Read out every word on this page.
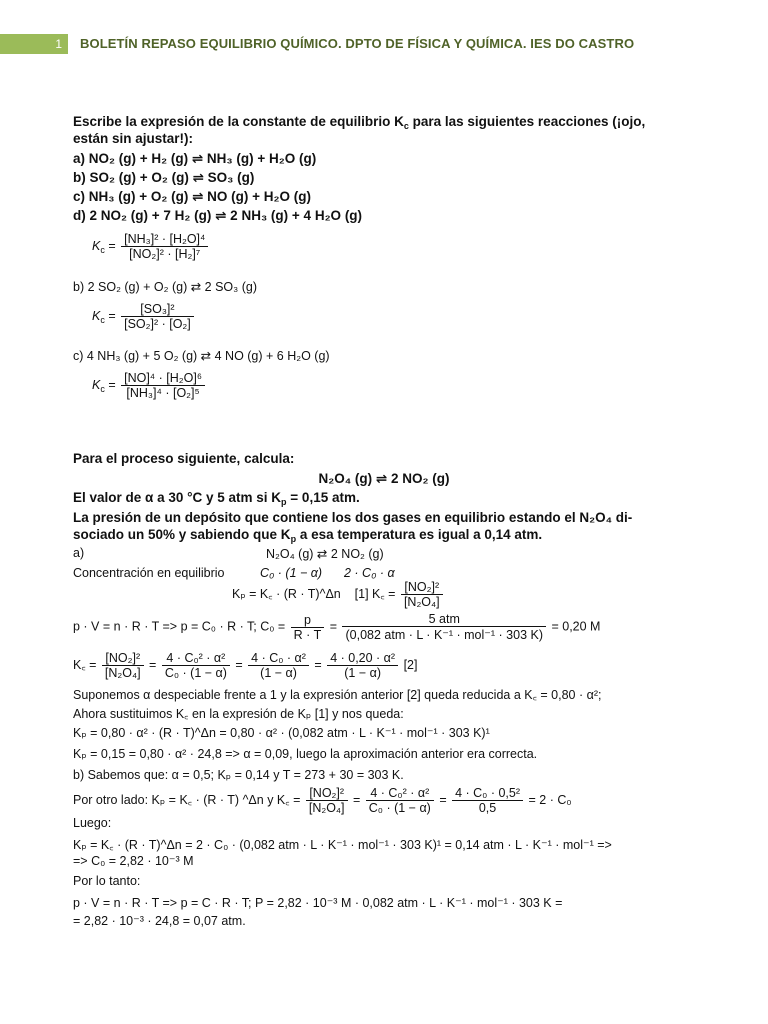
1	BOLETÍN REPASO EQUILIBRIO QUÍMICO. DPTO DE FÍSICA Y QUÍMICA. IES DO CASTRO
Escribe la expresión de la constante de equilibrio $K_c$ para las siguientes reacciones (¡ojo,
están sin ajustar!):
a) NO₂ (g) + H₂ (g) ⇌ NH₃ (g) + H₂O (g)
b) SO₂ (g) + O₂ (g) ⇌ SO₃ (g)
c) NH₃ (g) + O₂ (g) ⇌ NO (g) + H₂O (g)
d) 2 NO₂ (g) + 7 H₂ (g) ⇌ 2 NH₃ (g) + 4 H₂O (g)
$K_c = \frac{\text{[NH₃]² · [H₂O]⁴}}{\text{[NO₂]² · [H₂]⁷}}$
b) 2 SO₂ (g) + O₂ (g) ⇄ 2 SO₃ (g)
$K_c = \frac{\text{[SO₃]²}}{\text{[SO₂]² · [O₂]}}$
c) 4 NH₃ (g) + 5 O₂ (g) ⇄ 4 NO (g) + 6 H₂O (g)
$K_c = \frac{\text{[NO]⁴ · [H₂O]⁶}}{\text{[NH₃]⁴ · [O₂]⁵}}$
Para el proceso siguiente, calcula:
N₂O₄ (g) ⇌ 2 NO₂ (g)
El valor de α a 30 °C y 5 atm si $K_p = 0,15$ atm.
La presión de un depósito que contiene los dos gases en equilibrio estando el N₂O₄ di-
sociado un 50% y sabiendo que $K_p$ a esa temperatura es igual a 0,14 atm.
a)	N₂O₄ (g) ⇄ 2 NO₂ (g)
Concentración en equilibrio	C₀ · (1 − α) 2 · C₀ · α
Kₚ = K꜀ · (R · T)^Δn [1] K꜀ = $\frac{\text{[NO₂]²}}{\text{[N₂O₄]}}$
p · V = n · R · T => p = C₀ · R · T; $C_0 = \frac{p}{R \cdot T} = \frac{\text{5 atm}}{\text{(0,082 atm · L · K⁻¹ · mol⁻¹ · 303 K)}} = 0,20$ M
K꜀ = $\frac{\text{[NO₂]²}}{\text{[N₂O₄]}} = \frac{\text{4 · C₀² · α²}}{\text{C₀ · (1 − α)}} = \frac{\text{4 · C₀ · α²}}{(1 - \alpha)} = \frac{\text{4 · 0,20 · α²}}{(1 - \alpha)} [2]$
Suponemos α despeciable frente a 1 y la expresión anterior [2] queda reducida a K꜀ = 0,80 · α²;
Ahora sustituimos K꜀ en la expresión de Kₚ [1] y nos queda:
Kₚ = 0,80 · α² · (R · T)^Δn = 0,80 · α² · (0,082 atm · L · K⁻¹ · mol⁻¹ · 303 K)¹
Kₚ = 0,15 = 0,80 · α² · 24,8 => α = 0,09, luego la aproximación anterior era correcta.
b) Sabemos que: α = 0,5; Kₚ = 0,14 y T = 273 + 30 = 303 K.
Por otro lado: Kₚ = K꜀ · (R · T) ^Δn y K꜀ = $\frac{\text{[NO₂]²}}{\text{[N₂O₄]}} = \frac{\text{4 · C₀² · α²}}{\text{C₀ · (1 − α)}} = \frac{\text{4 · C₀ · 0,5²}}{0,5} = 2 \cdot C_0$
Luego:
Kₚ = K꜀ · (R · T)^Δn = 2 · C₀ · (0,082 atm · L · K⁻¹ · mol⁻¹ · 303 K)¹ = 0,14 atm · L · K⁻¹ · mol⁻¹ =>
=> C₀ = 2,82 · 10⁻³ M
Por lo tanto:
p · V = n · R · T => p = C · R · T; P = 2,82 · 10⁻³ M · 0,082 atm · L · K⁻¹ · mol⁻¹ · 303 K =
= 2,82 · 10⁻³ · 24,8 = 0,07 atm.
